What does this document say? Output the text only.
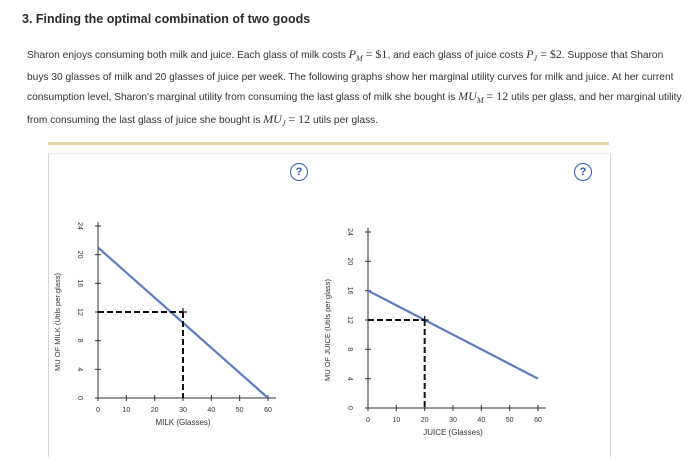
3. Finding the optimal combination of two goods
Sharon enjoys consuming both milk and juice. Each glass of milk costs $P_M$ = $1, and each glass of juice costs $P_J$ = $2. Suppose that Sharon buys 30 glasses of milk and 20 glasses of juice per week. The following graphs show her marginal utility curves for milk and juice. At her current consumption level, Sharon's marginal utility from consuming the last glass of milk she bought is $MU_M = 12$ utils per glass, and her marginal utility from consuming the last glass of juice she bought is $MU_J = 12$ utils per glass.
?	?
0
4
8
12
16
20
24
0	10	20	30	40	50	60
MILK (Glasses)
MU OF MILK (Utils per glass)
0
4
8
12
16
20
24
0	10	20	30	40	50	60
JUICE (Glasses)
MU OF JUICE (Utils per glass)
